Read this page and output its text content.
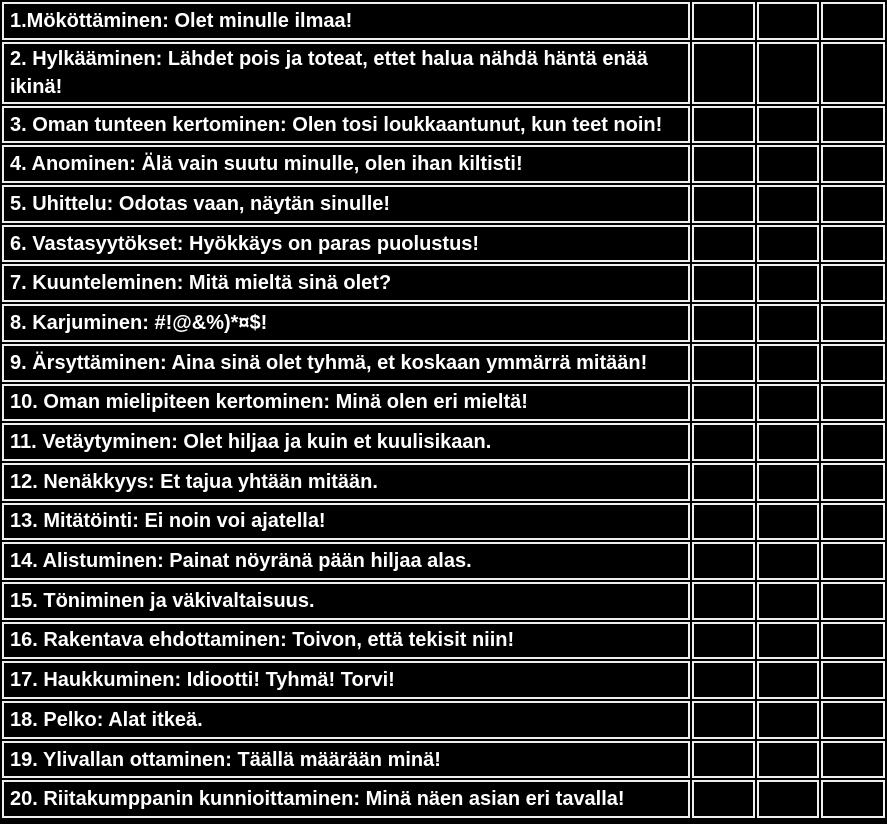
1.Mököttäminen: Olet minulle ilmaa!
2. Hylkääminen: Lähdet pois ja toteat, ettet halua nähdä häntä enää ikinä!
3. Oman tunteen kertominen: Olen tosi loukkaantunut, kun teet noin!
4. Anominen: Älä vain suutu minulle, olen ihan kiltisti!
5. Uhittelu: Odotas vaan, näytän sinulle!
6. Vastasyytökset: Hyökkäys on paras puolustus!
7. Kuunteleminen: Mitä mieltä sinä olet?
8. Karjuminen: #!@&%)*¤$!
9. Ärsyttäminen: Aina sinä olet tyhmä, et koskaan ymmärrä mitään!
10. Oman mielipiteen kertominen: Minä olen eri mieltä!
11. Vetäytyminen: Olet hiljaa ja kuin et kuulisikaan.
12. Nenäkkyys: Et tajua yhtään mitään.
13. Mitätöinti: Ei noin voi ajatella!
14. Alistuminen: Painat nöyränä pään hiljaa alas.
15. Töniminen ja väkivaltaisuus.
16. Rakentava ehdottaminen: Toivon, että tekisit niin!
17. Haukkuminen: Idiootti! Tyhmä! Torvi!
18. Pelko: Alat itkeä.
19. Ylivallan ottaminen: Täällä määrään minä!
20. Riitakumppanin kunnioittaminen: Minä näen asian eri tavalla!
